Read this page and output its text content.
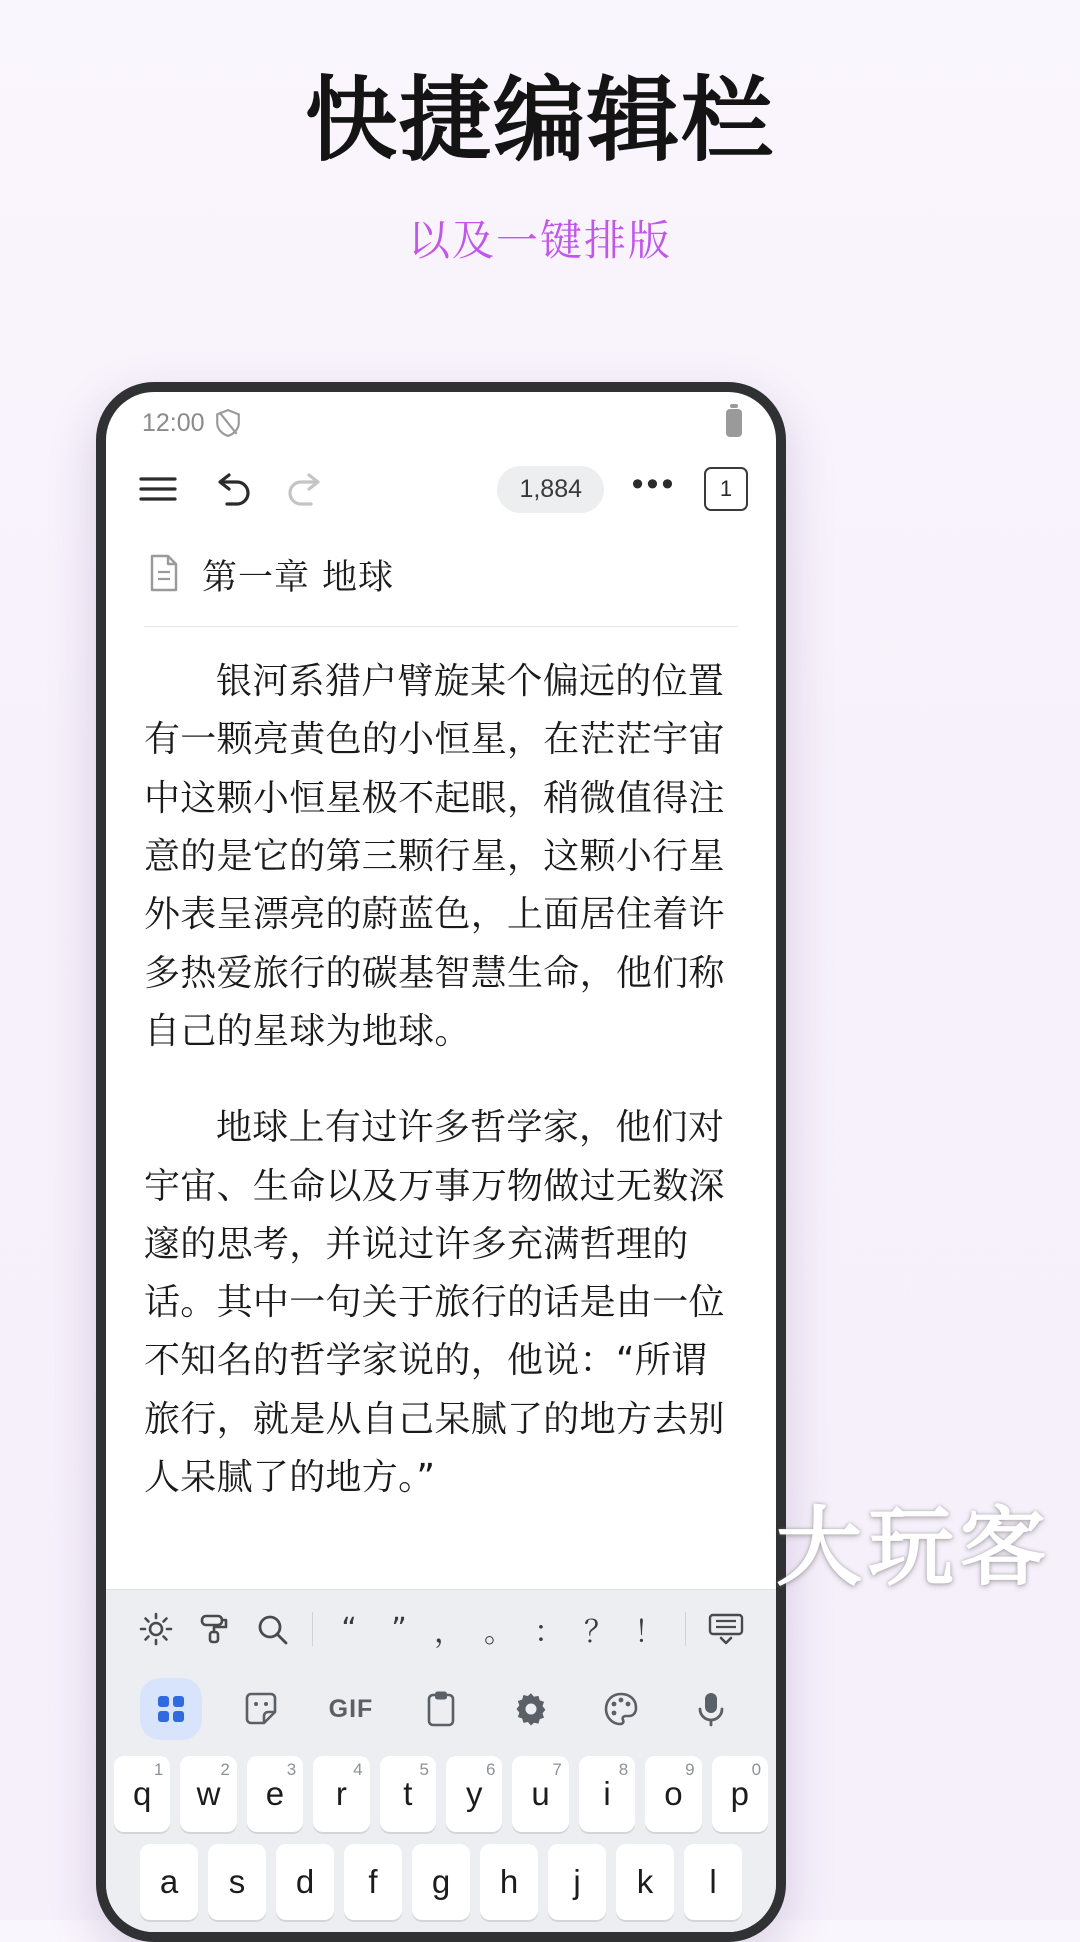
快捷编辑栏
以及一键排版
12:00
1,884	•••	1
第一章 地球

银河系猎户臂旋某个偏远的位置有一颗亮黄色的小恒星，在茫茫宇宙中这颗小恒星极不起眼，稍微值得注意的是它的第三颗行星，这颗小行星外表呈漂亮的蔚蓝色，上面居住着许多热爱旅行的碳基智慧生命，他们称自己的星球为地球。

地球上有过许多哲学家，他们对宇宙、生命以及万事万物做过无数深邃的思考，并说过许多充满哲理的话。其中一句关于旅行的话是由一位不知名的哲学家说的，他说：“所谓旅行，就是从自己呆腻了的地方去别人呆腻了的地方。”

“	” ， 。 ： ？ ！
GIF
1
q
2
w
3
e
4
r
5
t
6
y
7
u
8
i
9
o
0
p
a s d f g h j k l
大玩客
